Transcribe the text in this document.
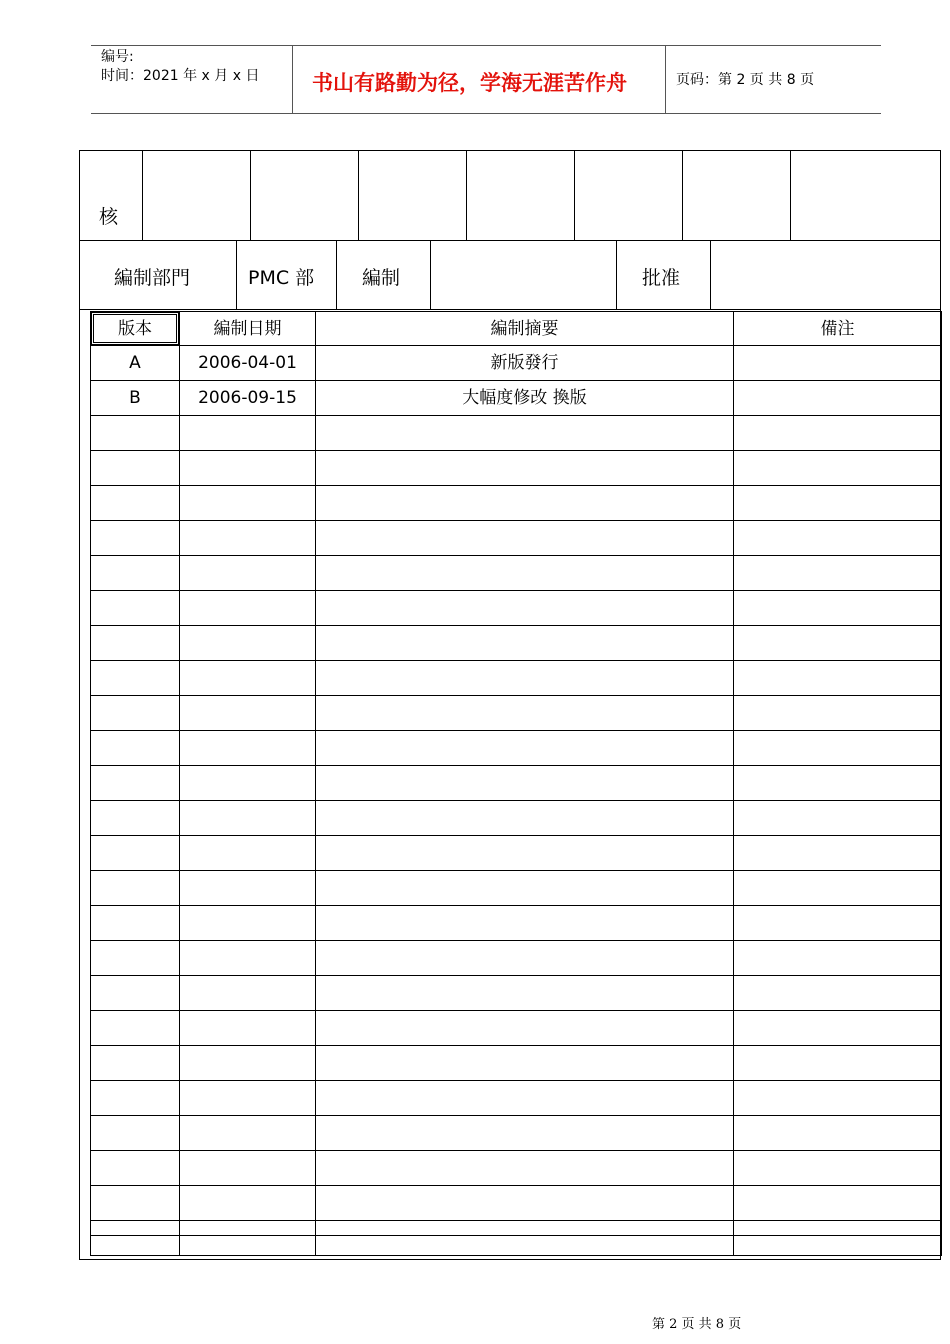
编号:
时间：2021 年 x 月 x 日	书山有路勤为径，学海无涯苦作舟	页码：第 2 页 共 8 页
核
編制部門	PMC 部	編制	批准
版本	編制日期	編制摘要	備注
A	2006-04-01	新版發行	
B	2006-09-15	大幅度修改 換版	

第 2 页 共 8 页
